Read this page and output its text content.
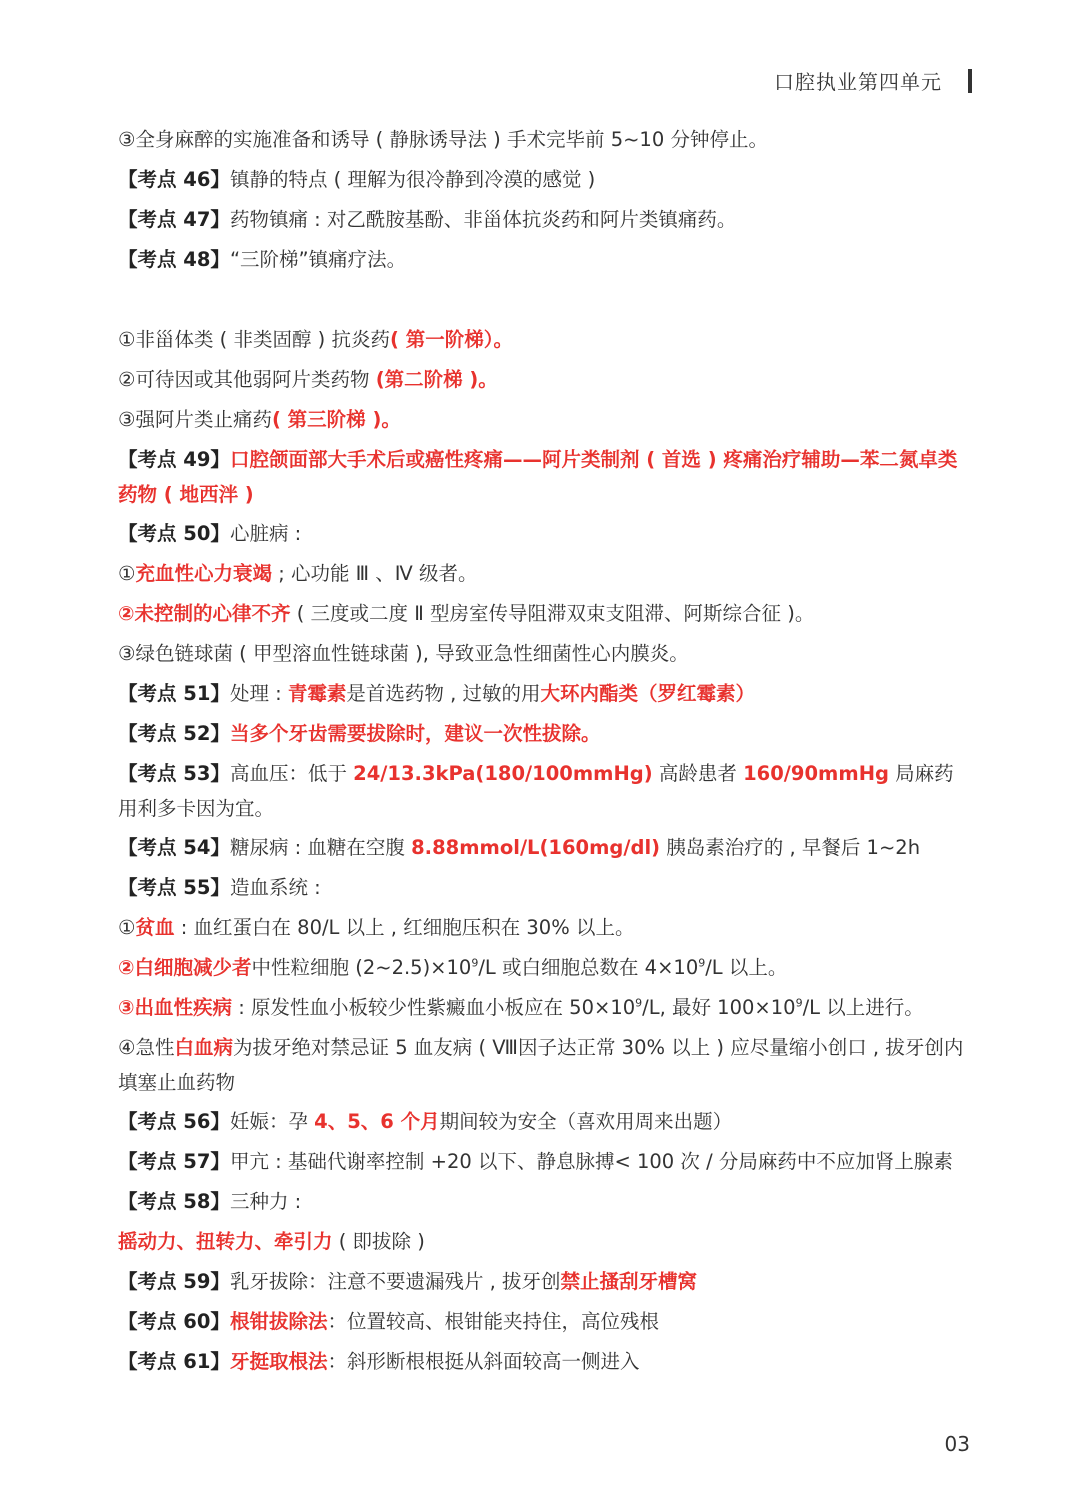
口腔执业第四单元
③全身麻醉的实施准备和诱导 ( 静脉诱导法 ) 手术完毕前 5~10 分钟停止。
【考点 46】镇静的特点 ( 理解为很冷静到冷漠的感觉 )
【考点 47】药物镇痛 : 对乙酰胺基酚、非甾体抗炎药和阿片类镇痛药。
【考点 48】“三阶梯”镇痛疗法。
①非甾体类 ( 非类固醇 ) 抗炎药( 第一阶梯）。
②可待因或其他弱阿片类药物 (第二阶梯 )。
③强阿片类止痛药( 第三阶梯 )。
【考点 49】口腔颌面部大手术后或癌性疼痛——阿片类制剂 ( 首选 ) 疼痛治疗辅助—苯二氮卓类药物 ( 地西泮 )
【考点 50】心脏病 :
①充血性心力衰竭 ; 心功能 Ⅲ 、Ⅳ 级者。
②未控制的心律不齐 ( 三度或二度 Ⅱ 型房室传导阻滞双束支阻滞、阿斯综合征 )。
③绿色链球菌 ( 甲型溶血性链球菌 ), 导致亚急性细菌性心内膜炎。
【考点 51】处理 : 青霉素是首选药物 , 过敏的用大环内酯类（罗红霉素）
【考点 52】当多个牙齿需要拔除时，建议一次性拔除。
【考点 53】高血压：低于 24/13.3kPa(180/100mmHg) 高龄患者 160/90mmHg 局麻药用利多卡因为宜。
【考点 54】糖尿病 : 血糖在空腹 8.88mmol/L(160mg/dl) 胰岛素治疗的 , 早餐后 1~2h
【考点 55】造血系统 :
①贫血 : 血红蛋白在 80/L 以上 , 红细胞压积在 30% 以上。
②白细胞减少者中性粒细胞 $(2\sim 2.5)\times 10^9/L$ 或白细胞总数在 $4\times 10^9/L$ 以上。
③出血性疾病 : 原发性血小板较少性紫癜血小板应在 $50\times 10^9/L$, 最好 $100\times 10^9/L$ 以上进行。
④急性白血病为拔牙绝对禁忌证 5 血友病 ( Ⅷ因子达正常 30% 以上 ) 应尽量缩小创口 , 拔牙创内填塞止血药物
【考点 56】妊娠：孕 4、5、6 个月期间较为安全（喜欢用周来出题）
【考点 57】甲亢 : 基础代谢率控制 +20 以下、静息脉搏< 100 次 / 分局麻药中不应加肾上腺素
【考点 58】三种力 :
摇动力、扭转力、牵引力 ( 即拔除 )
【考点 59】乳牙拔除：注意不要遗漏残片 , 拔牙创禁止搔刮牙槽窝
【考点 60】根钳拔除法：位置较高、根钳能夹持住，高位残根
【考点 61】牙挺取根法：斜形断根根挺从斜面较高一侧进入
03
